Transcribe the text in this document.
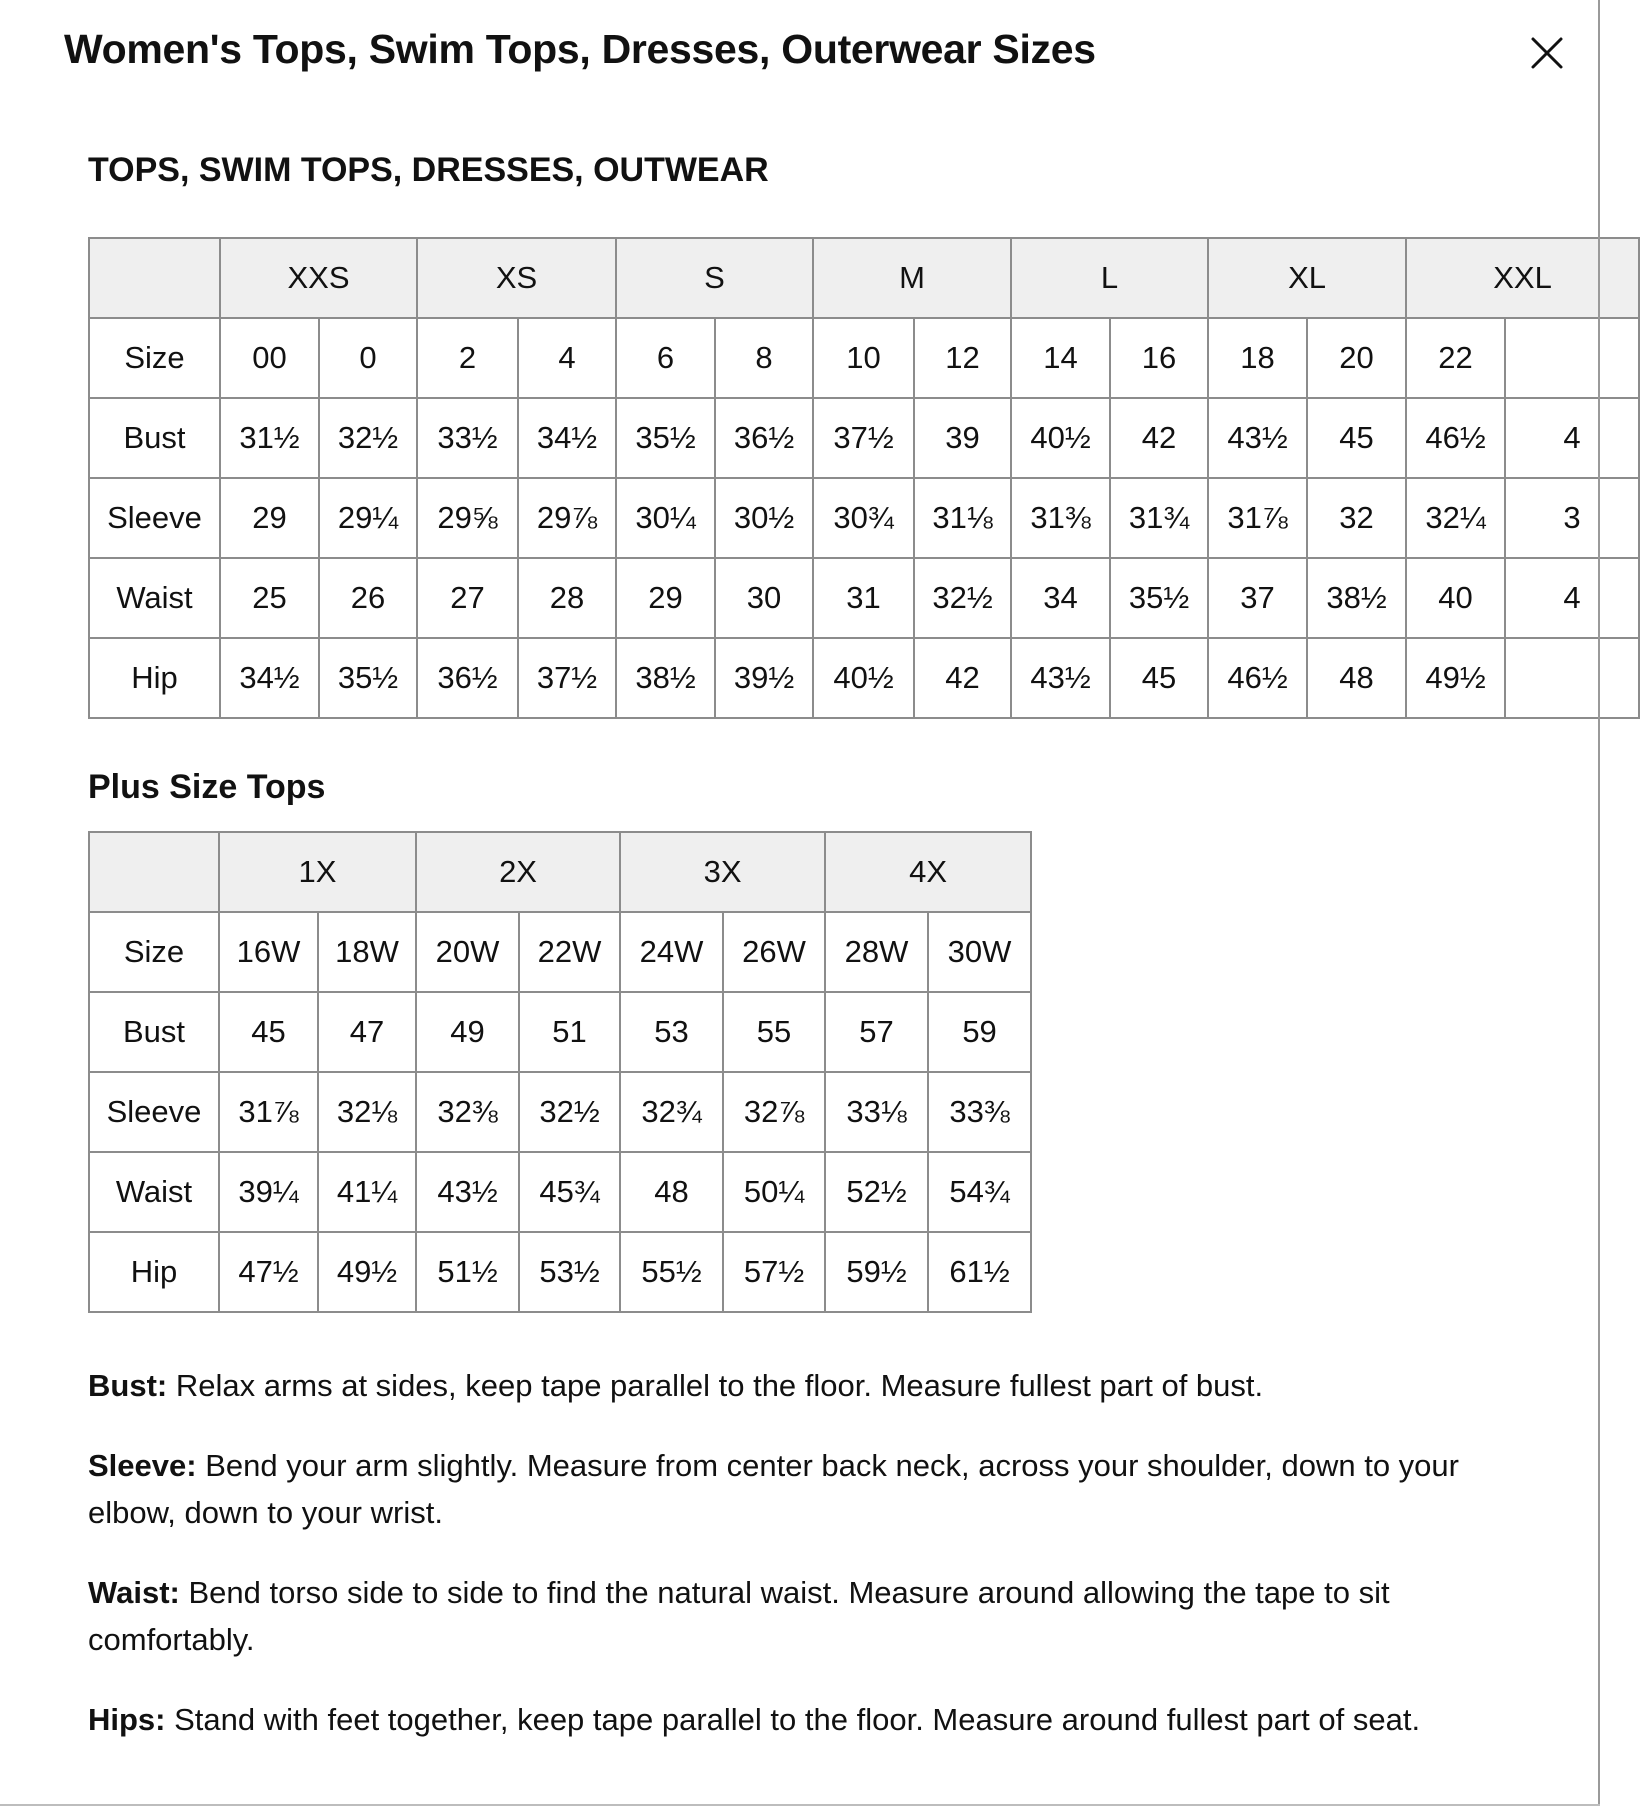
Women's Tops, Swim Tops, Dresses, Outerwear Sizes
TOPS, SWIM TOPS, DRESSES, OUTWEAR
	XXS		XS		S		M		L		XL		XXL	
Size	00	0	2	4	6	8	10	12	14	16	18	20	22	
Bust	31½	32½	33½	34½	35½	36½	37½	39	40½	42	43½	45	46½	4
Sleeve	29	29¼	29⅝	29⅞	30¼	30½	30¾	31⅛	31⅜	31¾	31⅞	32	32¼	3
Waist	25	26	27	28	29	30	31	32½	34	35½	37	38½	40	4
Hip	34½	35½	36½	37½	38½	39½	40½	42	43½	45	46½	48	49½	
Plus Size Tops
	1X		2X		3X		4X	
Size	16W	18W	20W	22W	24W	26W	28W	30W
Bust	45	47	49	51	53	55	57	59
Sleeve	31⅞	32⅛	32⅜	32½	32¾	32⅞	33⅛	33⅜
Waist	39¼	41¼	43½	45¾	48	50¼	52½	54¾
Hip	47½	49½	51½	53½	55½	57½	59½	61½

Bust: Relax arms at sides, keep tape parallel to the floor. Measure fullest part of bust.

Sleeve: Bend your arm slightly. Measure from center back neck, across your shoulder, down to your elbow, down to your wrist.

Waist: Bend torso side to side to find the natural waist. Measure around allowing the tape to sit comfortably.

Hips: Stand with feet together, keep tape parallel to the floor. Measure around fullest part of seat.
